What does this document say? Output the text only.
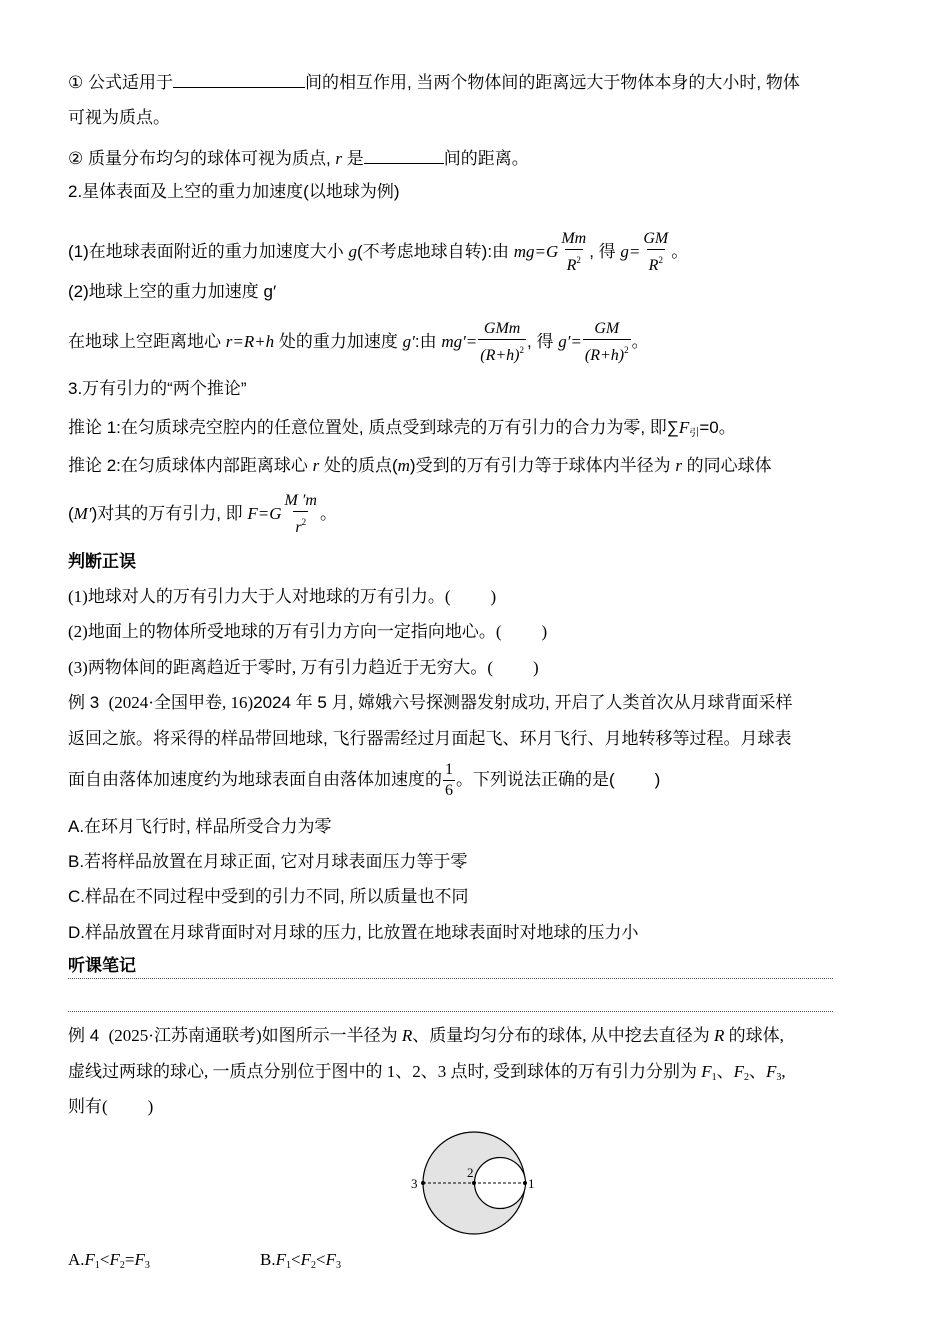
① 公式适用于	间的相互作用, 当两个物体间的距离远大于物体本身的大小时, 物体
可视为质点。
② 质量分布均匀的球体可视为质点, r 是	间的距离。
2.星体表面及上空的重力加速度(以地球为例)
(1)在地球表面附近的重力加速度大小 g(不考虑地球自转):由 $mg=G \frac{Mm}{R^2}$ , 得 $g= \frac{GM}{R^2}$ 。
(2)地球上空的重力加速度 g′
在地球上空距离地心 r=R+h 处的重力加速度 g′:由 $mg'= \frac{\text{GMm}}{(R+h)^2}$ , 得 $g'= \frac{GM}{(R+h)^2}$ 。
3.万有引力的“两个推论”
推论 1:在匀质球壳空腔内的任意位置处, 质点受到球壳的万有引力的合力为零, 即$\sum F_引=0$。
推论 2:在匀质球体内部距离球心 r 处的质点(m)受到的万有引力等于球体内半径为 r 的同心球体
(M′)对其的万有引力, 即 $F=G \frac{M 'm}{r^2}$ 。
判断正误
(1)地球对人的万有引力大于人对地球的万有引力。( )
(2)地面上的物体所受地球的万有引力方向一定指向地心。( )
(3)两物体间的距离趋近于零时, 万有引力趋近于无穷大。( )
例 3 (2024·全国甲卷, 16)2024 年 5 月, 嫦娥六号探测器发射成功, 开启了人类首次从月球背面采样
返回之旅。将采得的样品带回地球, 飞行器需经过月面起飞、环月飞行、月地转移等过程。月球表
面自由落体加速度约为地球表面自由落体加速度的 $\frac{1}{6}$ 。下列说法正确的是( )
A.在环月飞行时, 样品所受合力为零
B.若将样品放置在月球正面, 它对月球表面压力等于零
C.样品在不同过程中受到的引力不同, 所以质量也不同
D.样品放置在月球背面时对月球的压力, 比放置在地球表面时对地球的压力小
听课笔记
例 4 (2025·江苏南通联考)如图所示一半径为 R、质量均匀分布的球体, 从中挖去直径为 R 的球体,
虚线过两球的球心, 一质点分别位于图中的 1、2、3 点时, 受到球体的万有引力分别为 $F_1$、$F_2$、$F_3$,
则有( )
3
2
1
$A.F_1<F_2=F_3$	$B.F_1<F_2<F_3$
